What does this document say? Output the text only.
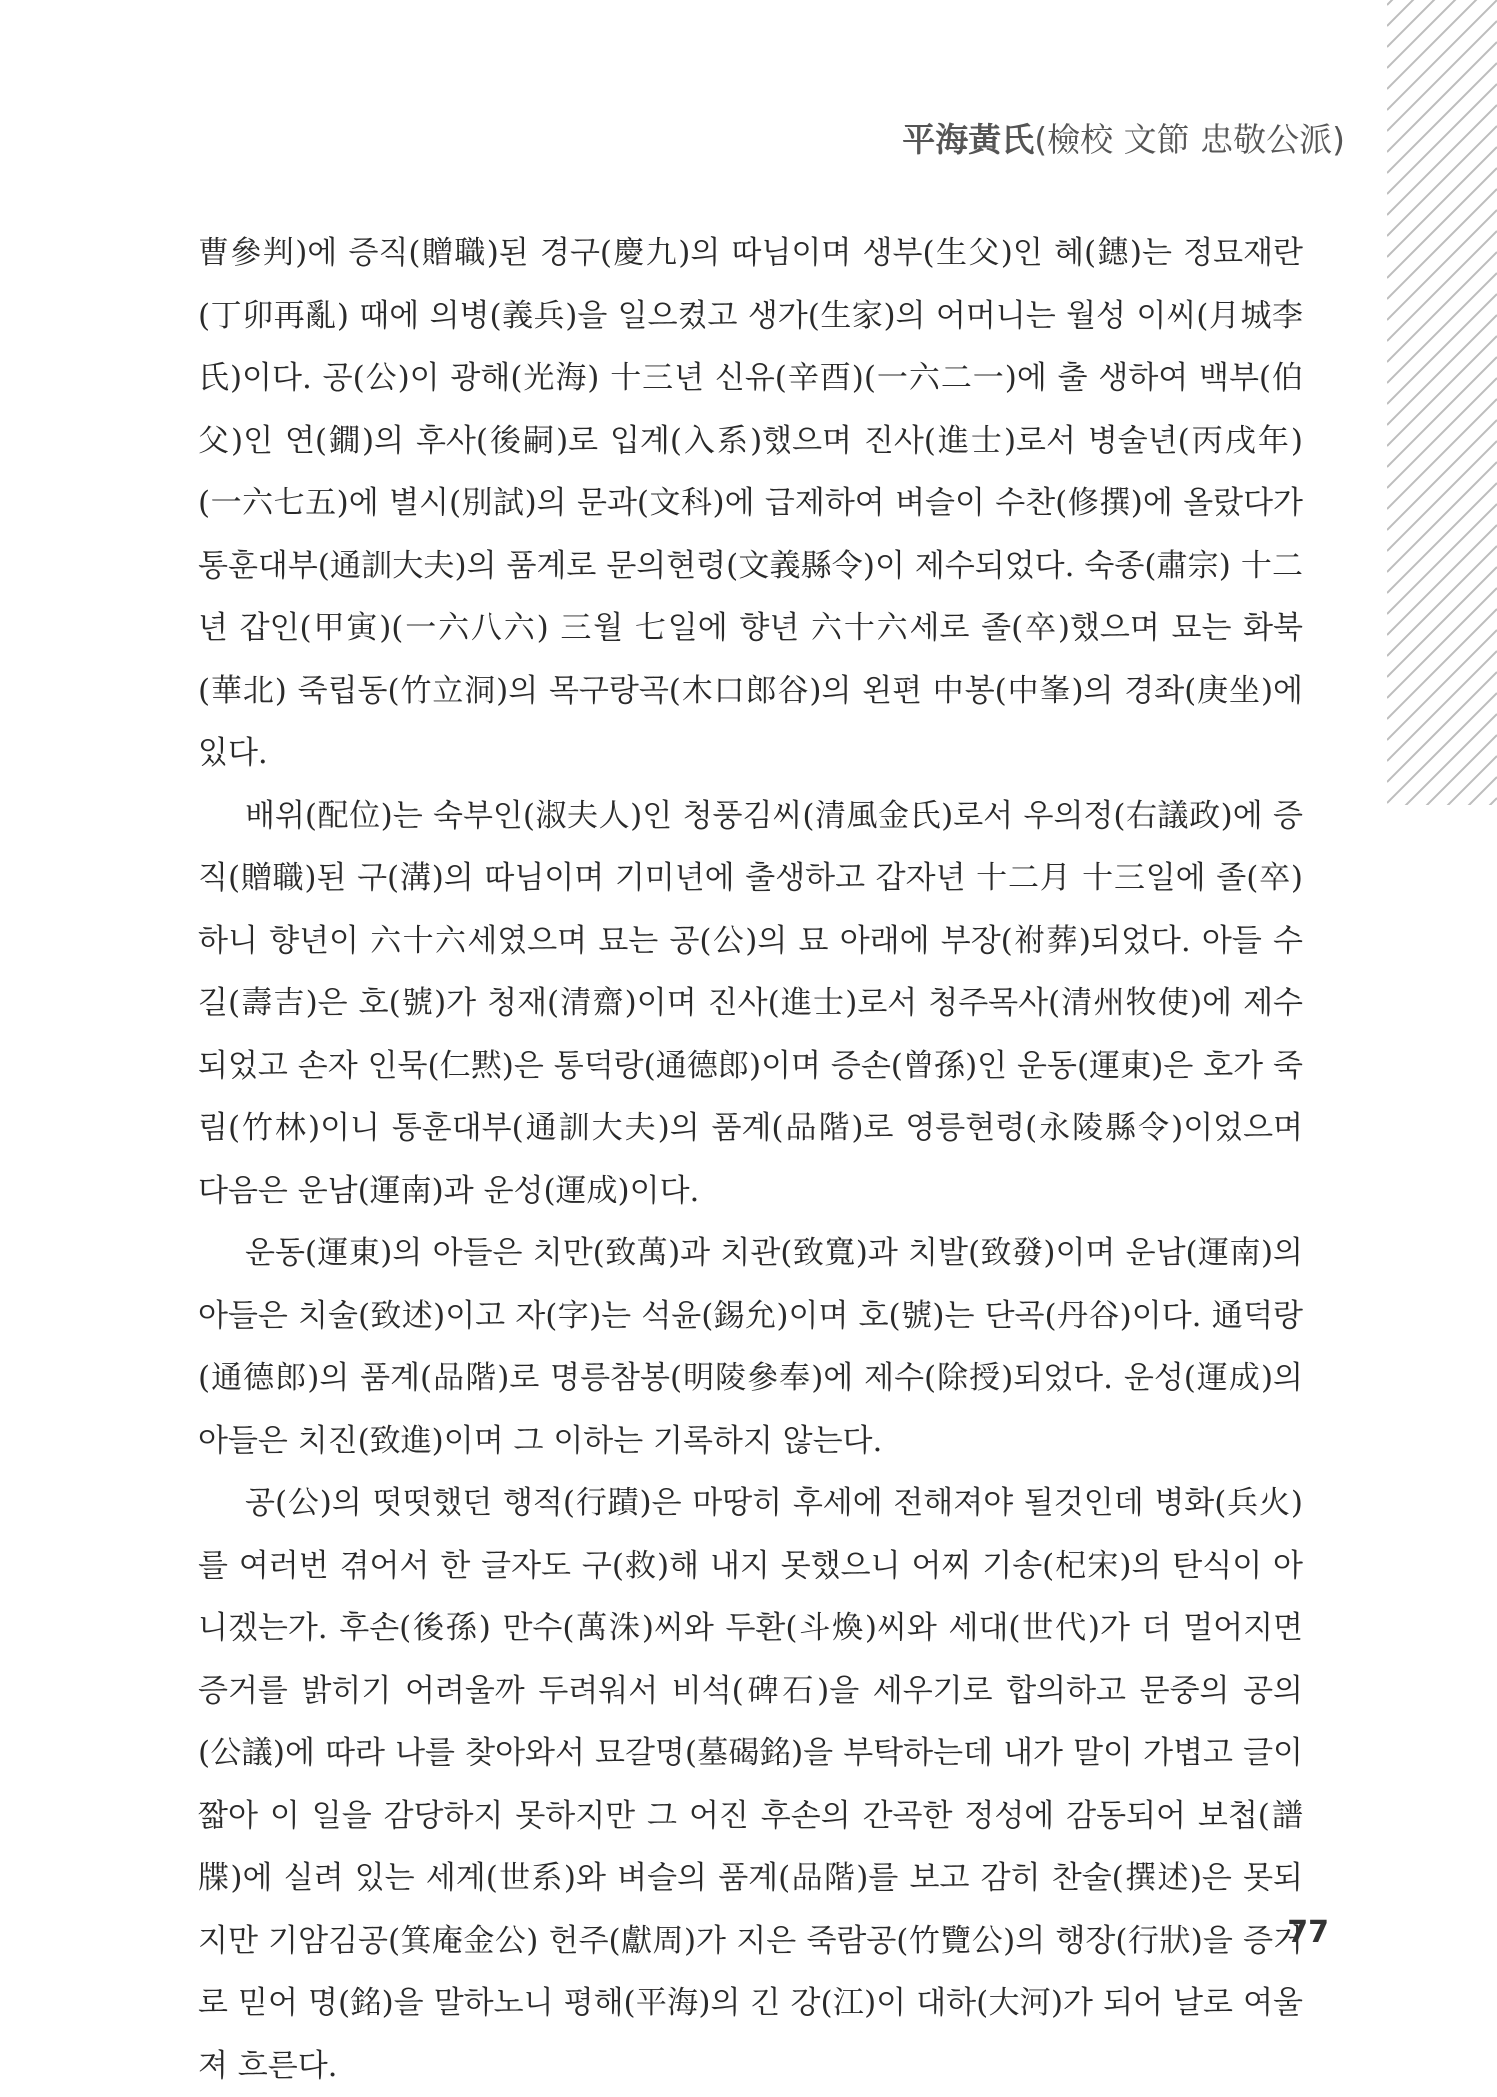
平海黃氏(檢校 文節 忠敬公派)

曹參判)에 증직(贈職)된 경구(慶九)의 따님이며 생부(生父)인 혜(鏸)는 정묘재란(丁卯再亂) 때에 의병(義兵)을 일으켰고 생가(生家)의 어머니는 월성 이씨(月城李氏)이다. 공(公)이 광해(光海) 十三년 신유(辛酉)(一六二一)에 출 생하여 백부(伯父)인 연(鐗)의 후사(後嗣)로 입계(入系)했으며 진사(進士)로서 병술년(丙戌年)(一六七五)에 별시(別試)의 문과(文科)에 급제하여 벼슬이 수찬(修撰)에 올랐다가 통훈대부(通訓大夫)의 품계로 문의현령(文義縣令)이 제수되었다. 숙종(肅宗) 十二년 갑인(甲寅)(一六八六) 三월 七일에 향년 六十六세로 졸(卒)했으며 묘는 화북(華北) 죽립동(竹立洞)의 목구랑곡(木口郎谷)의 왼편 中봉(中峯)의 경좌(庚坐)에 있다.

배위(配位)는 숙부인(淑夫人)인 청풍김씨(清風金氏)로서 우의정(右議政)에 증직(贈職)된 구(溝)의 따님이며 기미년에 출생하고 갑자년 十二月 十三일에 졸(卒)하니 향년이 六十六세였으며 묘는 공(公)의 묘 아래에 부장(祔葬)되었다. 아들 수길(壽吉)은 호(號)가 청재(清齋)이며 진사(進士)로서 청주목사(清州牧使)에 제수되었고 손자 인묵(仁黙)은 통덕랑(通德郎)이며 증손(曾孫)인 운동(運東)은 호가 죽림(竹林)이니 통훈대부(通訓大夫)의 품계(品階)로 영릉현령(永陵縣令)이었으며 다음은 운남(運南)과 운성(運成)이다.

운동(運東)의 아들은 치만(致萬)과 치관(致寬)과 치발(致發)이며 운남(運南)의 아들은 치술(致述)이고 자(字)는 석윤(錫允)이며 호(號)는 단곡(丹谷)이다. 通덕랑(通德郎)의 품계(品階)로 명릉참봉(明陵參奉)에 제수(除授)되었다. 운성(運成)의 아들은 치진(致進)이며 그 이하는 기록하지 않는다.

공(公)의 떳떳했던 행적(行蹟)은 마땅히 후세에 전해져야 될것인데 병화(兵火)를 여러번 겪어서 한 글자도 구(救)해 내지 못했으니 어찌 기송(杞宋)의 탄식이 아니겠는가. 후손(後孫) 만수(萬洙)씨와 두환(斗煥)씨와 세대(世代)가 더 멀어지면 증거를 밝히기 어려울까 두려워서 비석(碑石)을 세우기로 합의하고 문중의 공의(公議)에 따라 나를 찾아와서 묘갈명(墓碣銘)을 부탁하는데 내가 말이 가볍고 글이 짧아 이 일을 감당하지 못하지만 그 어진 후손의 간곡한 정성에 감동되어 보첩(譜牒)에 실려 있는 세계(世系)와 벼슬의 품계(品階)를 보고 감히 찬술(撰述)은 못되지만 기암김공(箕庵金公) 헌주(獻周)가 지은 죽람공(竹覽公)의 행장(行狀)을 증거로 믿어 명(銘)을 말하노니 평해(平海)의 긴 강(江)이 대하(大河)가 되어 날로 여울져 흐른다.

77
